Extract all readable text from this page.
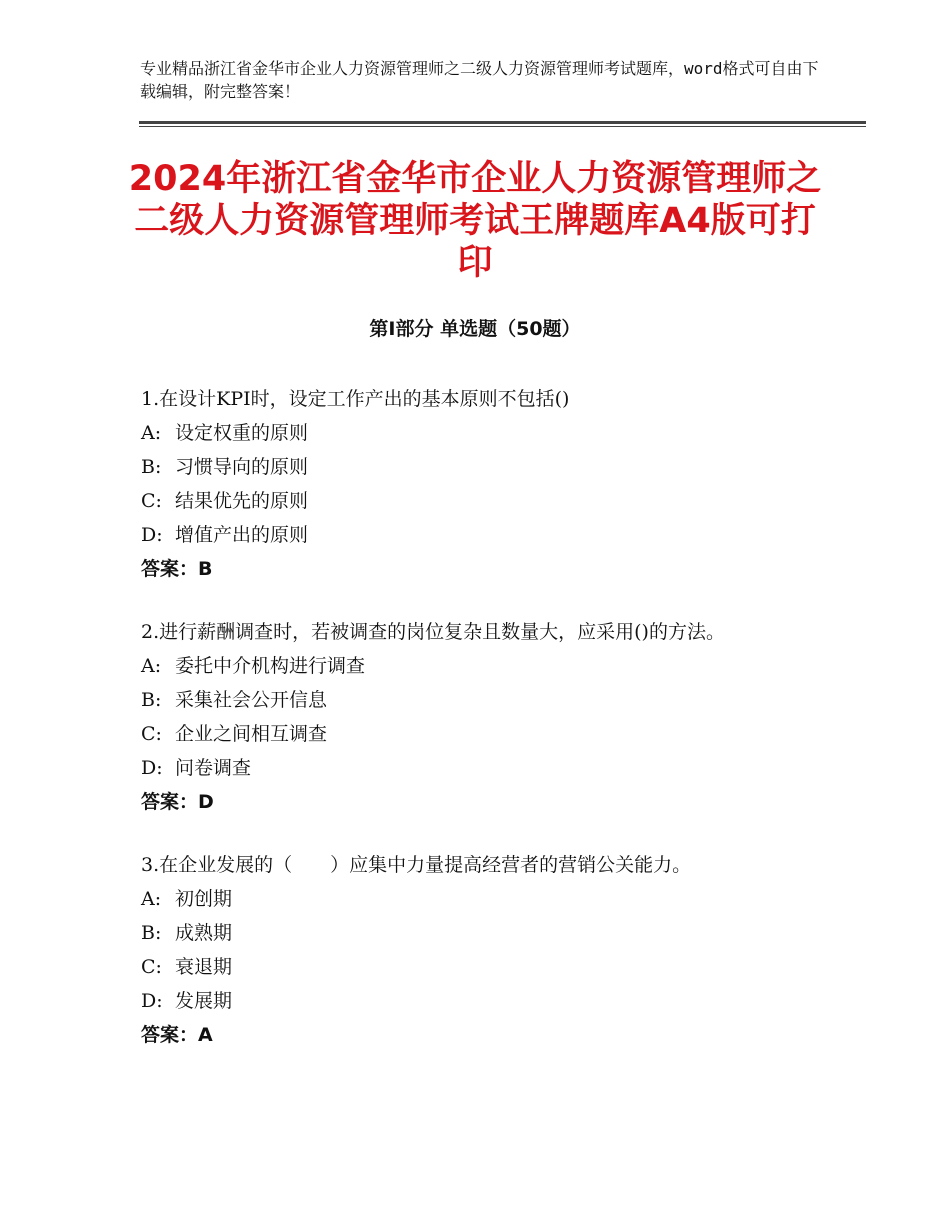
专业精品浙江省金华市企业人力资源管理师之二级人力资源管理师考试题库，word格式可自由下载编辑，附完整答案！
2024年浙江省金华市企业人力资源管理师之二级人力资源管理师考试王牌题库A4版可打印
第Ⅰ部分 单选题（50题）

1.在设计KPI时，设定工作产出的基本原则不包括()

A: 设定权重的原则

B: 习惯导向的原则

C: 结果优先的原则

D: 增值产出的原则

答案：B

2.进行薪酬调查时，若被调查的岗位复杂且数量大，应采用()的方法。

A: 委托中介机构进行调查

B: 采集社会公开信息

C: 企业之间相互调查

D: 问卷调查

答案：D

3.在企业发展的（　　）应集中力量提高经营者的营销公关能力。

A: 初创期

B: 成熟期

C: 衰退期

D: 发展期

答案：A
